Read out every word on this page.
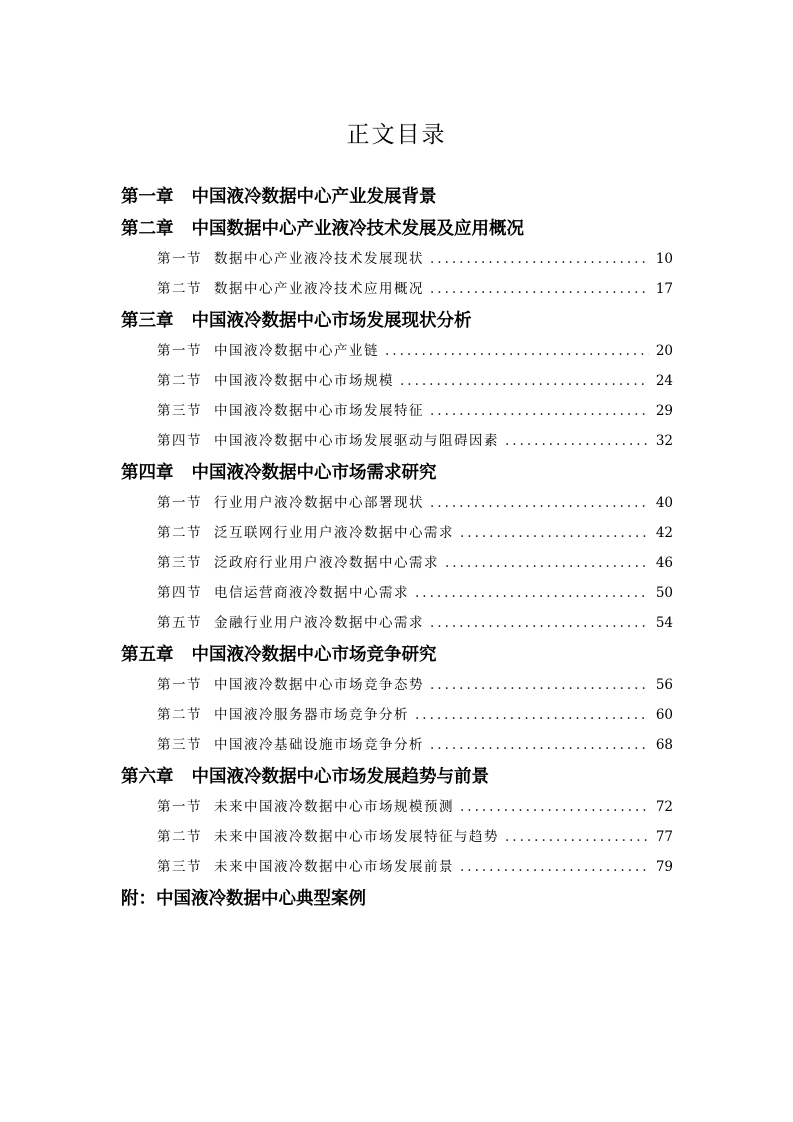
正文目录
第一章 中国液冷数据中心产业发展背景
第二章 中国数据中心产业液冷技术发展及应用概况
第一节 数据中心产业液冷技术发展现状 .....	10
第二节 数据中心产业液冷技术应用概况 .....	17
第三章 中国液冷数据中心市场发展现状分析
第一节 中国液冷数据中心产业链 .....	20
第二节 中国液冷数据中心市场规模 .....	24
第三节 中国液冷数据中心市场发展特征 .....	29
第四节 中国液冷数据中心市场发展驱动与阻碍因素 .....	32
第四章 中国液冷数据中心市场需求研究
第一节 行业用户液冷数据中心部署现状 .....	40
第二节 泛互联网行业用户液冷数据中心需求 .....	42
第三节 泛政府行业用户液冷数据中心需求 .....	46
第四节 电信运营商液冷数据中心需求 .....	50
第五节 金融行业用户液冷数据中心需求 .....	54
第五章 中国液冷数据中心市场竞争研究
第一节 中国液冷数据中心市场竞争态势 .....	56
第二节 中国液冷服务器市场竞争分析 .....	60
第三节 中国液冷基础设施市场竞争分析 .....	68
第六章 中国液冷数据中心市场发展趋势与前景
第一节 未来中国液冷数据中心市场规模预测 .....	72
第二节 未来中国液冷数据中心市场发展特征与趋势 .....	77
第三节 未来中国液冷数据中心市场发展前景 .....	79
附：中国液冷数据中心典型案例
